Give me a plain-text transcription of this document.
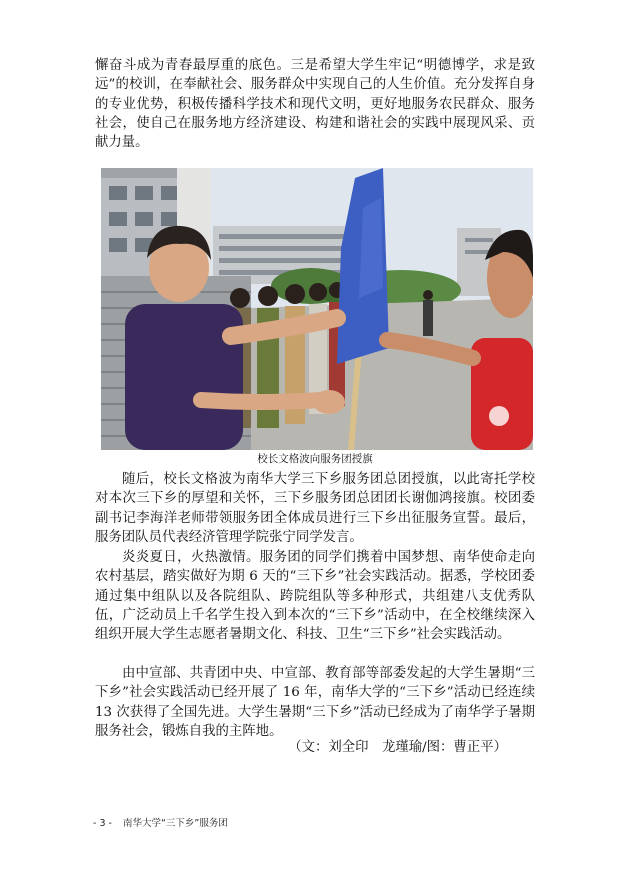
懈奋斗成为青春最厚重的底色。三是希望大学生牢记“明德博学，求是致远”的校训，在奉献社会、服务群众中实现自己的人生价值。充分发挥自身的专业优势，积极传播科学技术和现代文明，更好地服务农民群众、服务社会，使自己在服务地方经济建设、构建和谐社会的实践中展现风采、贡献力量。

校长文格波向服务团授旗

随后，校长文格波为南华大学三下乡服务团总团授旗，以此寄托学校对本次三下乡的厚望和关怀，三下乡服务团总团团长谢伽鸿接旗。校团委副书记李海洋老师带领服务团全体成员进行三下乡出征服务宣誓。最后，服务团队员代表经济管理学院张宁同学发言。

炎炎夏日，火热激情。服务团的同学们携着中国梦想、南华使命走向农村基层，踏实做好为期 6 天的“三下乡”社会实践活动。据悉，学校团委通过集中组队以及各院组队、跨院组队等多种形式，共组建八支优秀队伍，广泛动员上千名学生投入到本次的“三下乡”活动中，在全校继续深入组织开展大学生志愿者暑期文化、科技、卫生“三下乡”社会实践活动。

由中宣部、共青团中央、中宣部、教育部等部委发起的大学生暑期“三下乡”社会实践活动已经开展了 16 年，南华大学的“三下乡”活动已经连续 13 次获得了全国先进。大学生暑期“三下乡”活动已经成为了南华学子暑期服务社会，锻炼自我的主阵地。

（文：刘全印　龙瑾瑜/图：曹正平）
- 3 - 南华大学“三下乡”服务团
